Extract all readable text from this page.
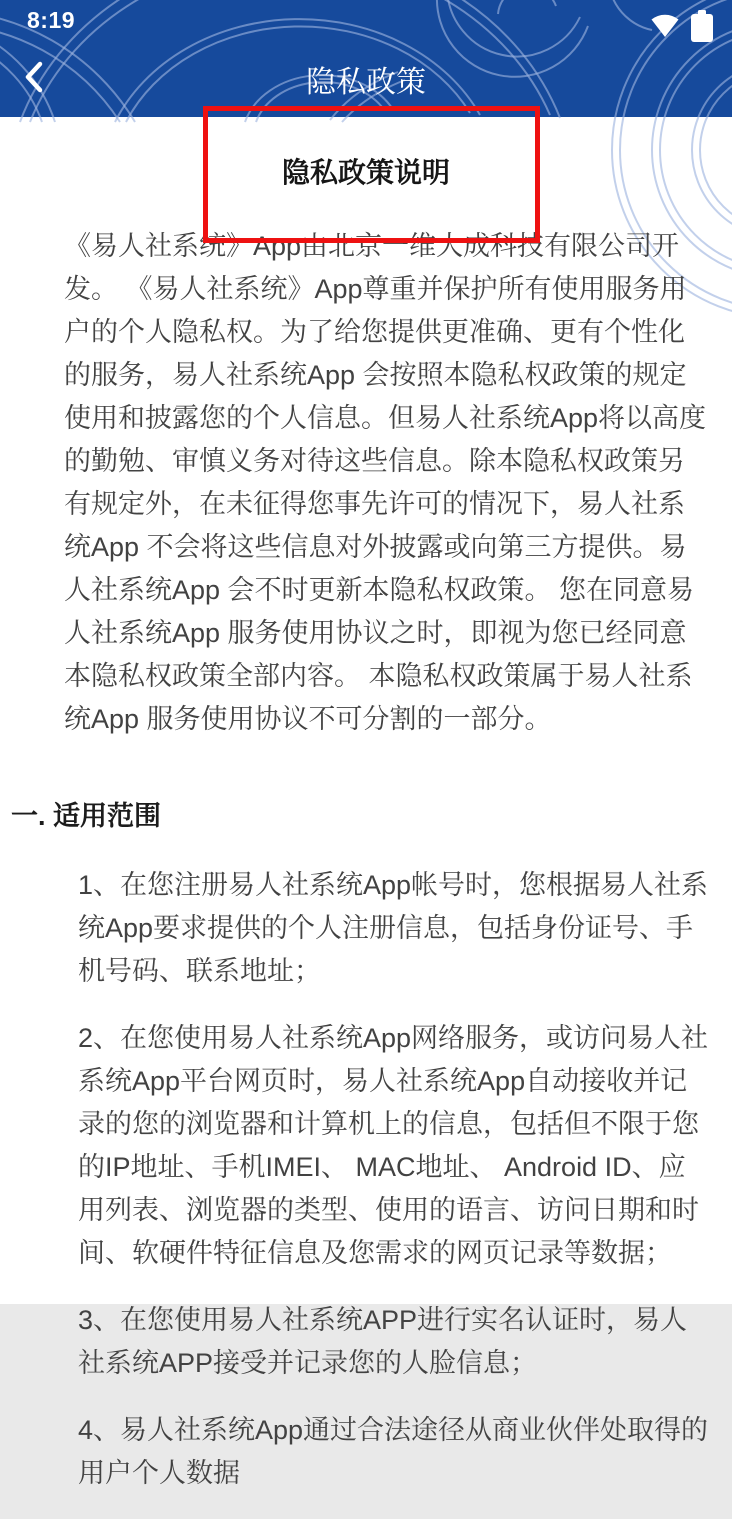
8:19
隐私政策
隐私政策说明

《易人社系统》App由北京一维大成科技有限公司开发。 《易人社系统》App尊重并保护所有使用服务用户的个人隐私权。为了给您提供更准确、更有个性化的服务，易人社系统App 会按照本隐私权政策的规定使用和披露您的个人信息。但易人社系统App将以高度的勤勉、审慎义务对待这些信息。除本隐私权政策另有规定外，在未征得您事先许可的情况下，易人社系统App 不会将这些信息对外披露或向第三方提供。易人社系统App 会不时更新本隐私权政策。 您在同意易人社系统App 服务使用协议之时，即视为您已经同意本隐私权政策全部内容。 本隐私权政策属于易人社系统App 服务使用协议不可分割的一部分。

一. 适用范围

1、在您注册易人社系统App帐号时，您根据易人社系统App要求提供的个人注册信息，包括身份证号、手机号码、联系地址；

2、在您使用易人社系统App网络服务，或访问易人社系统App平台网页时，易人社系统App自动接收并记录的您的浏览器和计算机上的信息，包括但不限于您的IP地址、手机IMEI、 MAC地址、 Android ID、应用列表、浏览器的类型、使用的语言、访问日期和时间、软硬件特征信息及您需求的网页记录等数据；

3、在您使用易人社系统APP进行实名认证时，易人社系统APP接受并记录您的人脸信息；

4、易人社系统App通过合法途径从商业伙伴处取得的用户个人数据
